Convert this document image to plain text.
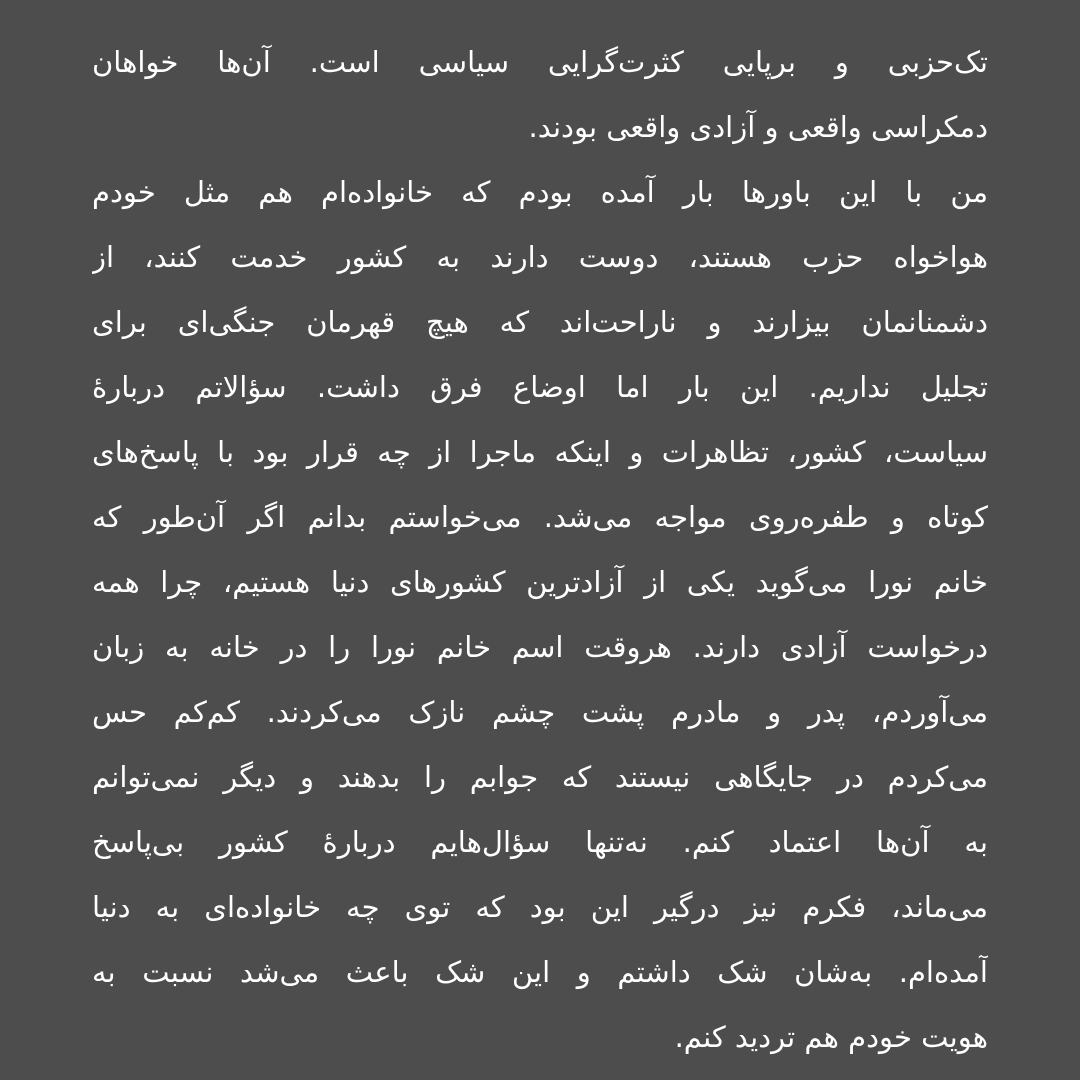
تک‌حزبی و برپایی کثرت‌گرایی سیاسی است. آن‌ها خواهان
دمکراسی واقعی و آزادی واقعی بودند.
من با این باورها بار آمده بودم که خانواده‌ام هم مثل خودم
هواخواه حزب هستند، دوست دارند به کشور خدمت کنند، از
دشمنانمان بیزارند و ناراحت‌اند که هیچ قهرمان جنگی‌ای برای
تجلیل نداریم. این بار اما اوضاع فرق داشت. سؤالاتم دربارهٔ
سیاست، کشور، تظاهرات و اینکه ماجرا از چه قرار بود با پاسخ‌های
کوتاه و طفره‌روی مواجه می‌شد. می‌خواستم بدانم اگر آن‌طور که
خانم نورا می‌گوید یکی از آزادترین کشورهای دنیا هستیم، چرا همه
درخواست آزادی دارند. هروقت اسم خانم نورا را در خانه به زبان
می‌آوردم، پدر و مادرم پشت چشم نازک می‌کردند. کم‌کم حس
می‌کردم در جایگاهی نیستند که جوابم را بدهند و دیگر نمی‌توانم
به آن‌ها اعتماد کنم. نه‌تنها سؤال‌هایم دربارهٔ کشور بی‌پاسخ
می‌ماند، فکرم نیز درگیر این بود که توی چه خانواده‌ای به دنیا
آمده‌ام. به‌شان شک داشتم و این شک باعث می‌شد نسبت به
هویت خودم هم تردید کنم.
